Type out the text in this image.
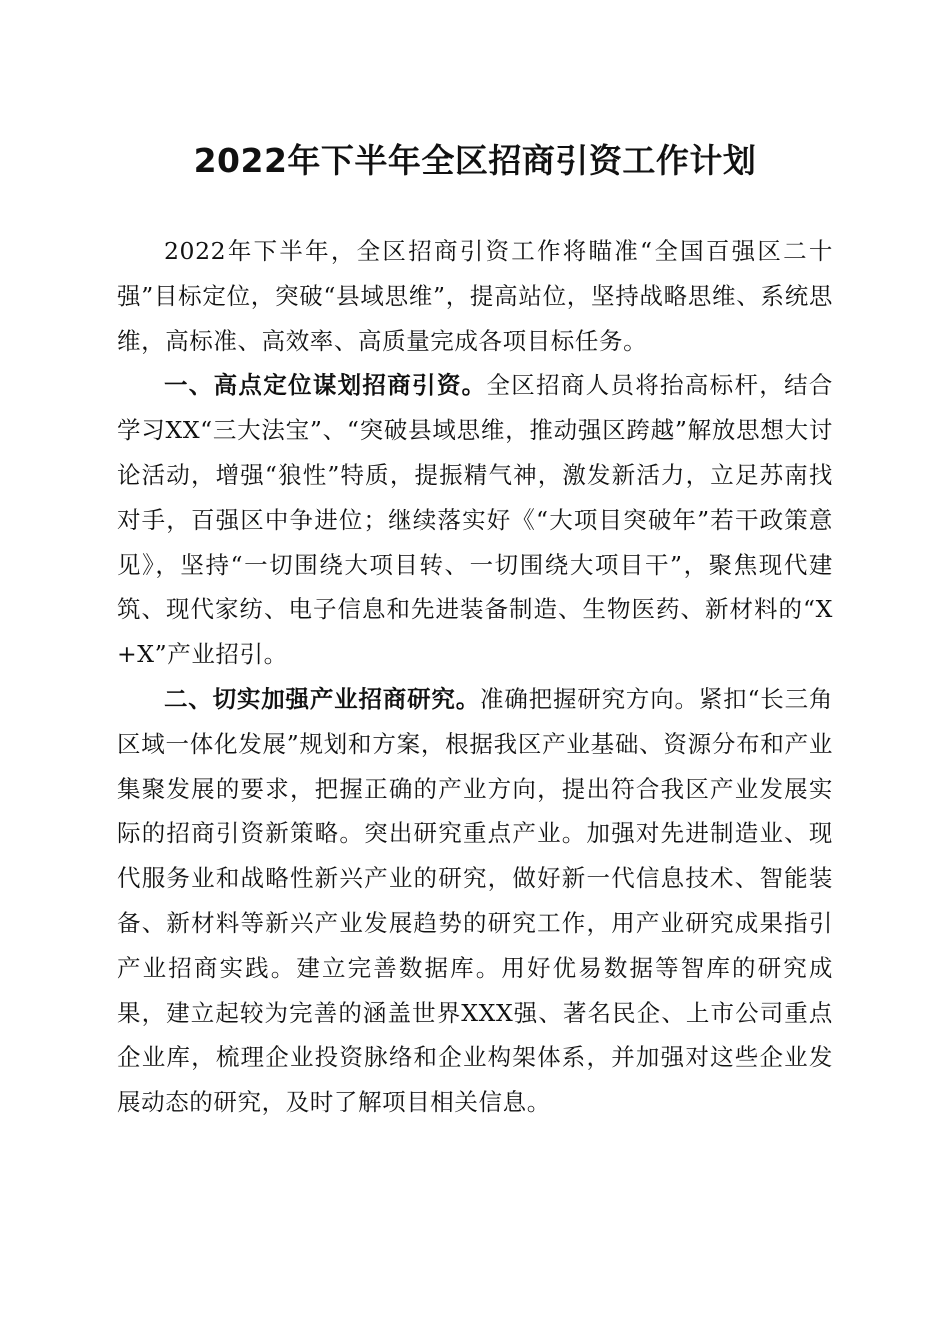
2022年下半年全区招商引资工作计划

2022年下半年，全区招商引资工作将瞄准“全国百强区二十强”目标定位，突破“县域思维”，提高站位，坚持战略思维、系统思维，高标准、高效率、高质量完成各项目标任务。

一、高点定位谋划招商引资。全区招商人员将抬高标杆，结合学习XX“三大法宝”、“突破县域思维，推动强区跨越”解放思想大讨论活动，增强“狼性”特质，提振精气神，激发新活力，立足苏南找对手，百强区中争进位；继续落实好《“大项目突破年”若干政策意见》，坚持“一切围绕大项目转、一切围绕大项目干”，聚焦现代建筑、现代家纺、电子信息和先进装备制造、生物医药、新材料的“X+X”产业招引。

二、切实加强产业招商研究。准确把握研究方向。紧扣“长三角区域一体化发展”规划和方案，根据我区产业基础、资源分布和产业集聚发展的要求，把握正确的产业方向，提出符合我区产业发展实际的招商引资新策略。突出研究重点产业。加强对先进制造业、现代服务业和战略性新兴产业的研究，做好新一代信息技术、智能装备、新材料等新兴产业发展趋势的研究工作，用产业研究成果指引产业招商实践。建立完善数据库。用好优易数据等智库的研究成果，建立起较为完善的涵盖世界XXX强、著名民企、上市公司重点企业库，梳理企业投资脉络和企业构架体系，并加强对这些企业发展动态的研究，及时了解项目相关信息。
